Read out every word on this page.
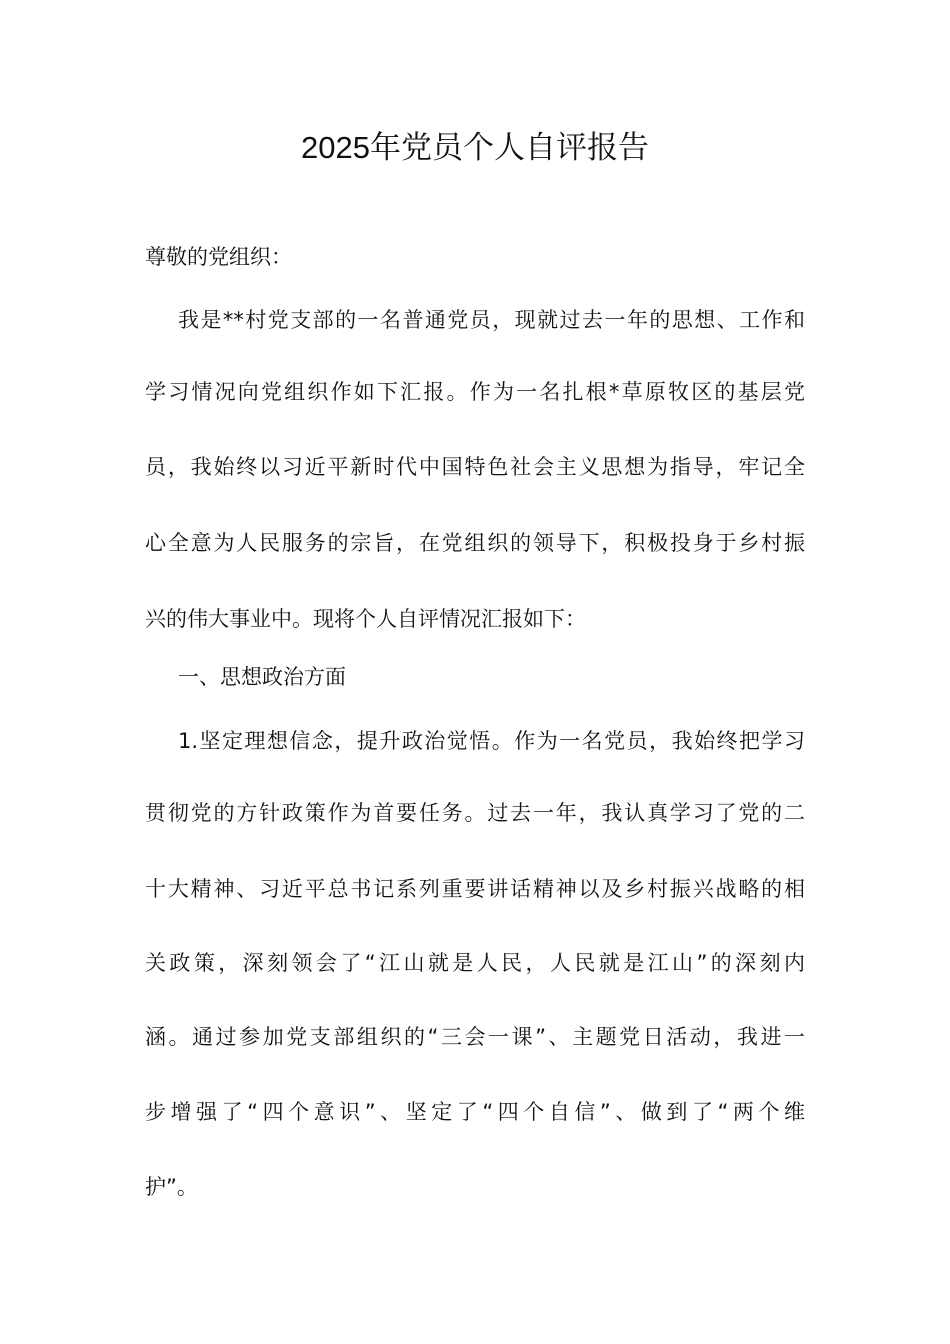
2025年党员个人自评报告
尊敬的党组织：
我是**村党支部的一名普通党员，现就过去一年的思想、工作和
学习情况向党组织作如下汇报。作为一名扎根*草原牧区的基层党
员，我始终以习近平新时代中国特色社会主义思想为指导，牢记全
心全意为人民服务的宗旨，在党组织的领导下，积极投身于乡村振
兴的伟大事业中。现将个人自评情况汇报如下：
一、思想政治方面
1.坚定理想信念，提升政治觉悟。作为一名党员，我始终把学习
贯彻党的方针政策作为首要任务。过去一年，我认真学习了党的二
十大精神、习近平总书记系列重要讲话精神以及乡村振兴战略的相
关政策，深刻领会了“江山就是人民，人民就是江山”的深刻内
涵。通过参加党支部组织的“三会一课”、主题党日活动，我进一
步增强了“四个意识”、坚定了“四个自信”、做到了“两个维
护”。
